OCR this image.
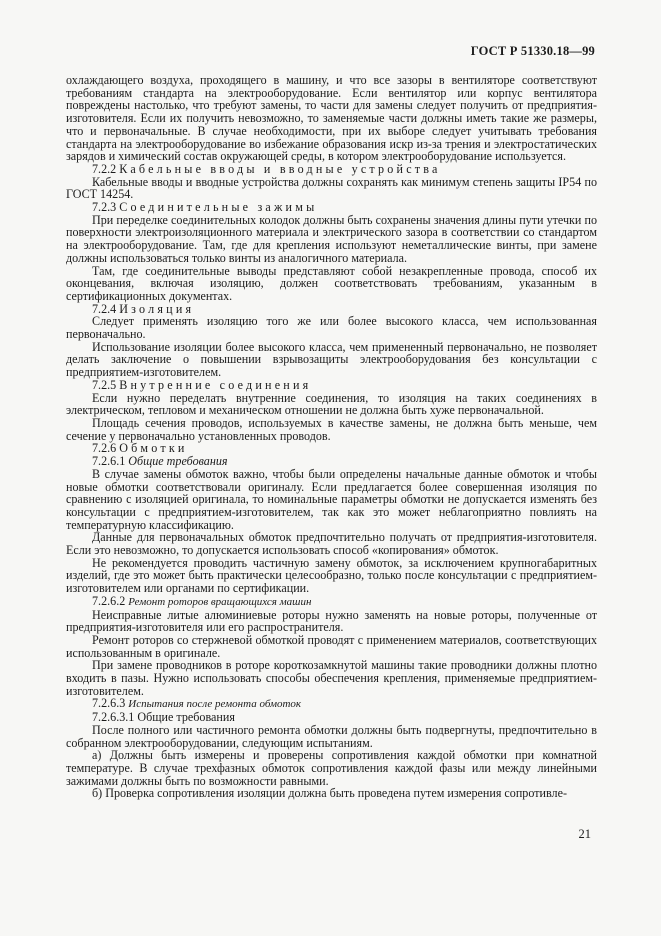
ГОСТ Р 51330.18—99

охлаждающего воздуха, проходящего в машину, и что все зазоры в вентиляторе соответствуют требованиям стандарта на электрооборудование. Если вентилятор или корпус вентилятора повреждены настолько, что требуют замены, то части для замены следует получить от предприятия-изготовителя. Если их получить невозможно, то заменяемые части должны иметь такие же размеры, что и первоначальные. В случае необходимости, при их выборе следует учитывать требования стандарта на электрооборудование во избежание образования искр из-за трения и электростатических зарядов и химический состав окружающей среды, в котором электрооборудование используется.

7.2.2 Кабельные вводы и вводные устройства

Кабельные вводы и вводные устройства должны сохранять как минимум степень защиты IP54 по ГОСТ 14254.

7.2.3 Соединительные зажимы

При переделке соединительных колодок должны быть сохранены значения длины пути утечки по поверхности электроизоляционного материала и электрического зазора в соответствии со стандартом на электрооборудование. Там, где для крепления используют неметаллические винты, при замене должны использоваться только винты из аналогичного материала.

Там, где соединительные выводы представляют собой незакрепленные провода, способ их оконцевания, включая изоляцию, должен соответствовать требованиям, указанным в сертификационных документах.

7.2.4 Изоляция

Следует применять изоляцию того же или более высокого класса, чем использованная первоначально.

Использование изоляции более высокого класса, чем примененный первоначально, не позволяет делать заключение о повышении взрывозащиты электрооборудования без консультации с предприятием-изготовителем.

7.2.5 Внутренние соединения

Если нужно переделать внутренние соединения, то изоляция на таких соединениях в электрическом, тепловом и механическом отношении не должна быть хуже первоначальной.

Площадь сечения проводов, используемых в качестве замены, не должна быть меньше, чем сечение у первоначально установленных проводов.

7.2.6 Обмотки
7.2.6.1 Общие требования

В случае замены обмоток важно, чтобы были определены начальные данные обмоток и чтобы новые обмотки соответствовали оригиналу. Если предлагается более совершенная изоляция по сравнению с изоляцией оригинала, то номинальные параметры обмотки не допускается изменять без консультации с предприятием-изготовителем, так как это может неблагоприятно повлиять на температурную классификацию.

Данные для первоначальных обмоток предпочтительно получать от предприятия-изготовителя. Если это невозможно, то допускается использовать способ «копирования» обмоток.

Не рекомендуется проводить частичную замену обмоток, за исключением крупногабаритных изделий, где это может быть практически целесообразно, только после консультации с предприятием-изготовителем или органами по сертификации.

7.2.6.2 Ремонт роторов вращающихся машин

Неисправные литые алюминиевые роторы нужно заменять на новые роторы, полученные от предприятия-изготовителя или его распространителя.

Ремонт роторов со стержневой обмоткой проводят с применением материалов, соответствующих использованным в оригинале.

При замене проводников в роторе короткозамкнутой машины такие проводники должны плотно входить в пазы. Нужно использовать способы обеспечения крепления, применяемые предприятием-изготовителем.

7.2.6.3 Испытания после ремонта обмоток
7.2.6.3.1 Общие требования

После полного или частичного ремонта обмотки должны быть подвергнуты, предпочтительно в собранном электрооборудовании, следующим испытаниям.

а) Должны быть измерены и проверены сопротивления каждой обмотки при комнатной температуре. В случае трехфазных обмоток сопротивления каждой фазы или между линейными зажимами должны быть по возможности равными.

б) Проверка сопротивления изоляции должна быть проведена путем измерения сопротивле-

21
